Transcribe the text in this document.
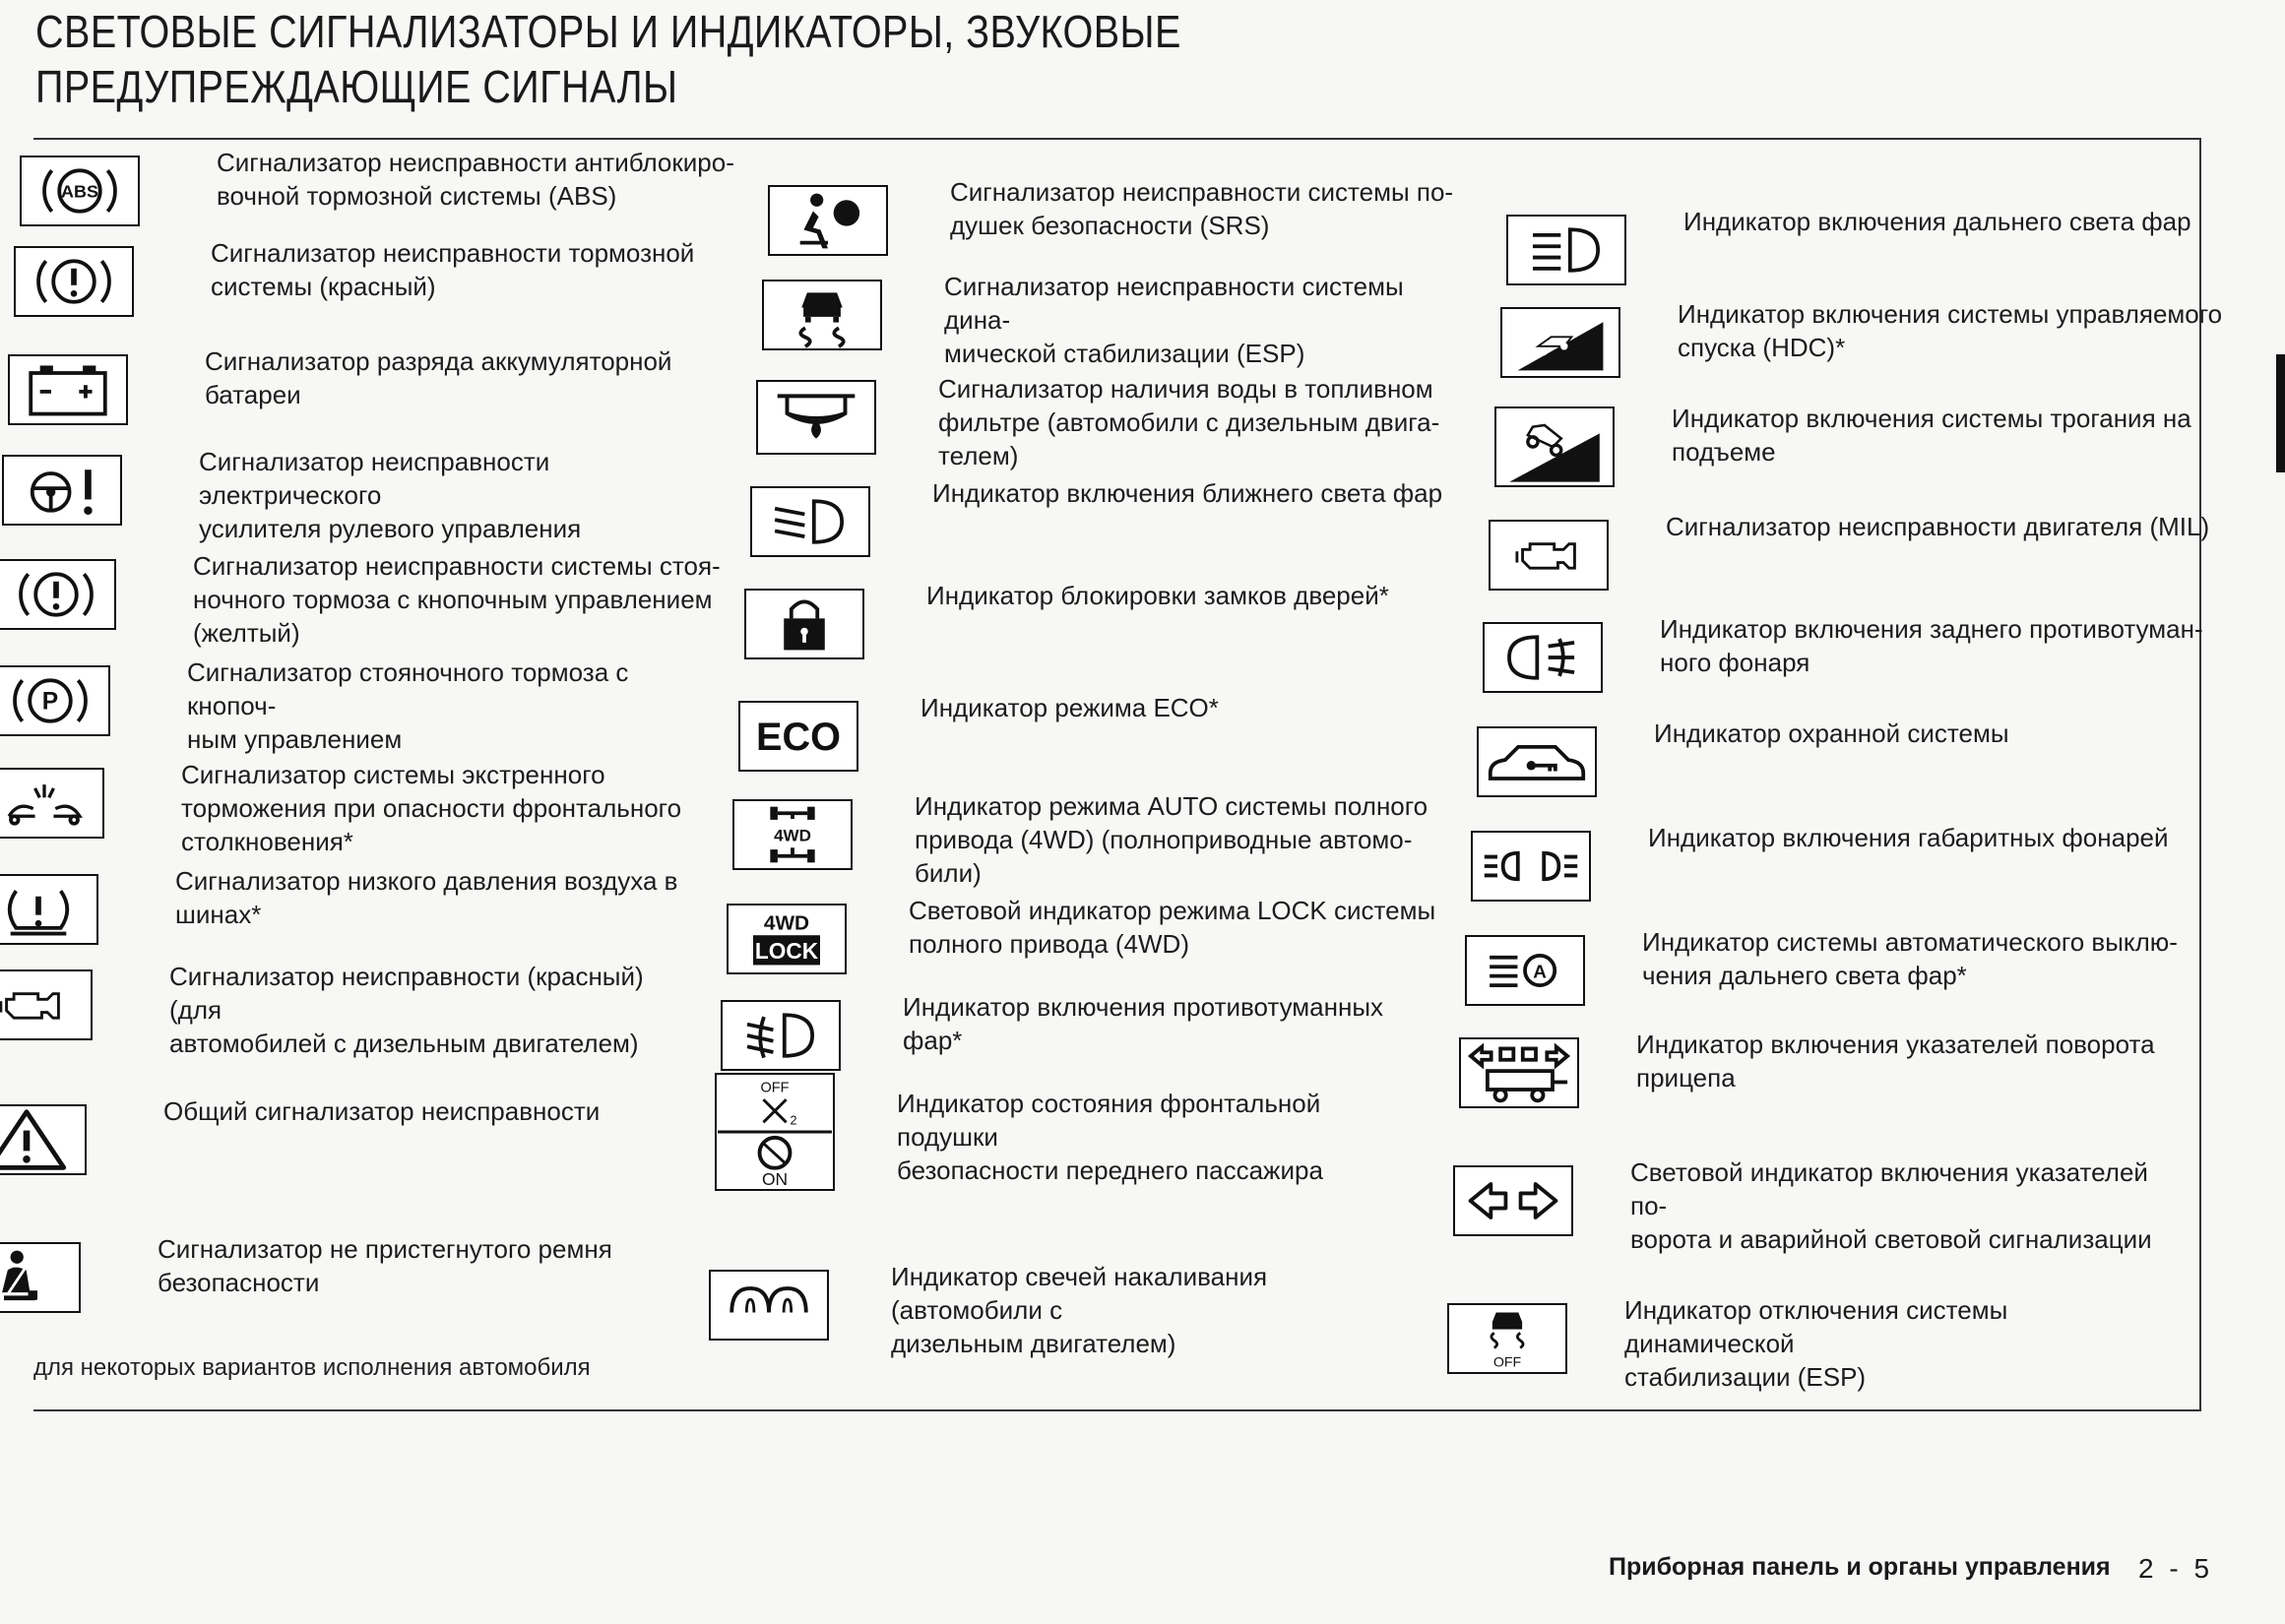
СВЕТОВЫЕ СИГНАЛИЗАТОРЫ И ИНДИКАТОРЫ, ЗВУКОВЫЕ
ПРЕДУПРЕЖДАЮЩИЕ СИГНАЛЫ
ABS
Сигнализатор неисправности антиблокиро-
вочной тормозной системы (ABS)
Сигнализатор неисправности тормозной
системы (красный)
Сигнализатор разряда аккумуляторной
батареи
Сигнализатор неисправности электрического
усилителя рулевого управления
Сигнализатор неисправности системы стоя-
ночного тормоза с кнопочным управлением
(желтый)
P
Сигнализатор стояночного тормоза с кнопоч-
ным управлением
Сигнализатор системы экстренного
торможения при опасности фронтального
столкновения*
Сигнализатор низкого давления воздуха в
шинах*
Сигнализатор неисправности (красный) (для
автомобилей с дизельным двигателем)
Общий сигнализатор неисправности
Сигнализатор не пристегнутого ремня
безопасности
Сигнализатор неисправности системы по-
душек безопасности (SRS)
Сигнализатор неисправности системы дина-
мической стабилизации (ESP)
Сигнализатор наличия воды в топливном
фильтре (автомобили с дизельным двига-
телем)
Индикатор включения ближнего света фар
Индикатор блокировки замков дверей*
ECO
Индикатор режима ECO*
4WD
Индикатор режима AUTO системы полного
привода (4WD) (полноприводные автомо-
били)
4WD
LOCK
Световой индикатор режима LOCK системы
полного привода (4WD)
Индикатор включения противотуманных фар*
OFF
2
ON
Индикатор состояния фронтальной подушки
безопасности переднего пассажира
Индикатор свечей накаливания (автомобили с
дизельным двигателем)
Индикатор включения дальнего света фар
Индикатор включения системы управляемого
спуска (HDC)*
Индикатор включения системы трогания на
подъеме
Сигнализатор неисправности двигателя (MIL)
Индикатор включения заднего противотуман-
ного фонаря
Индикатор охранной системы
Индикатор включения габаритных фонарей
A
Индикатор системы автоматического выклю-
чения дальнего света фар*
Индикатор включения указателей поворота
прицепа
Световой индикатор включения указателей по-
ворота и аварийной световой сигнализации
OFF
Индикатор отключения системы динамической
стабилизации (ESP)
для некоторых вариантов исполнения автомобиля
Приборная панель и органы управления 2 - 5
